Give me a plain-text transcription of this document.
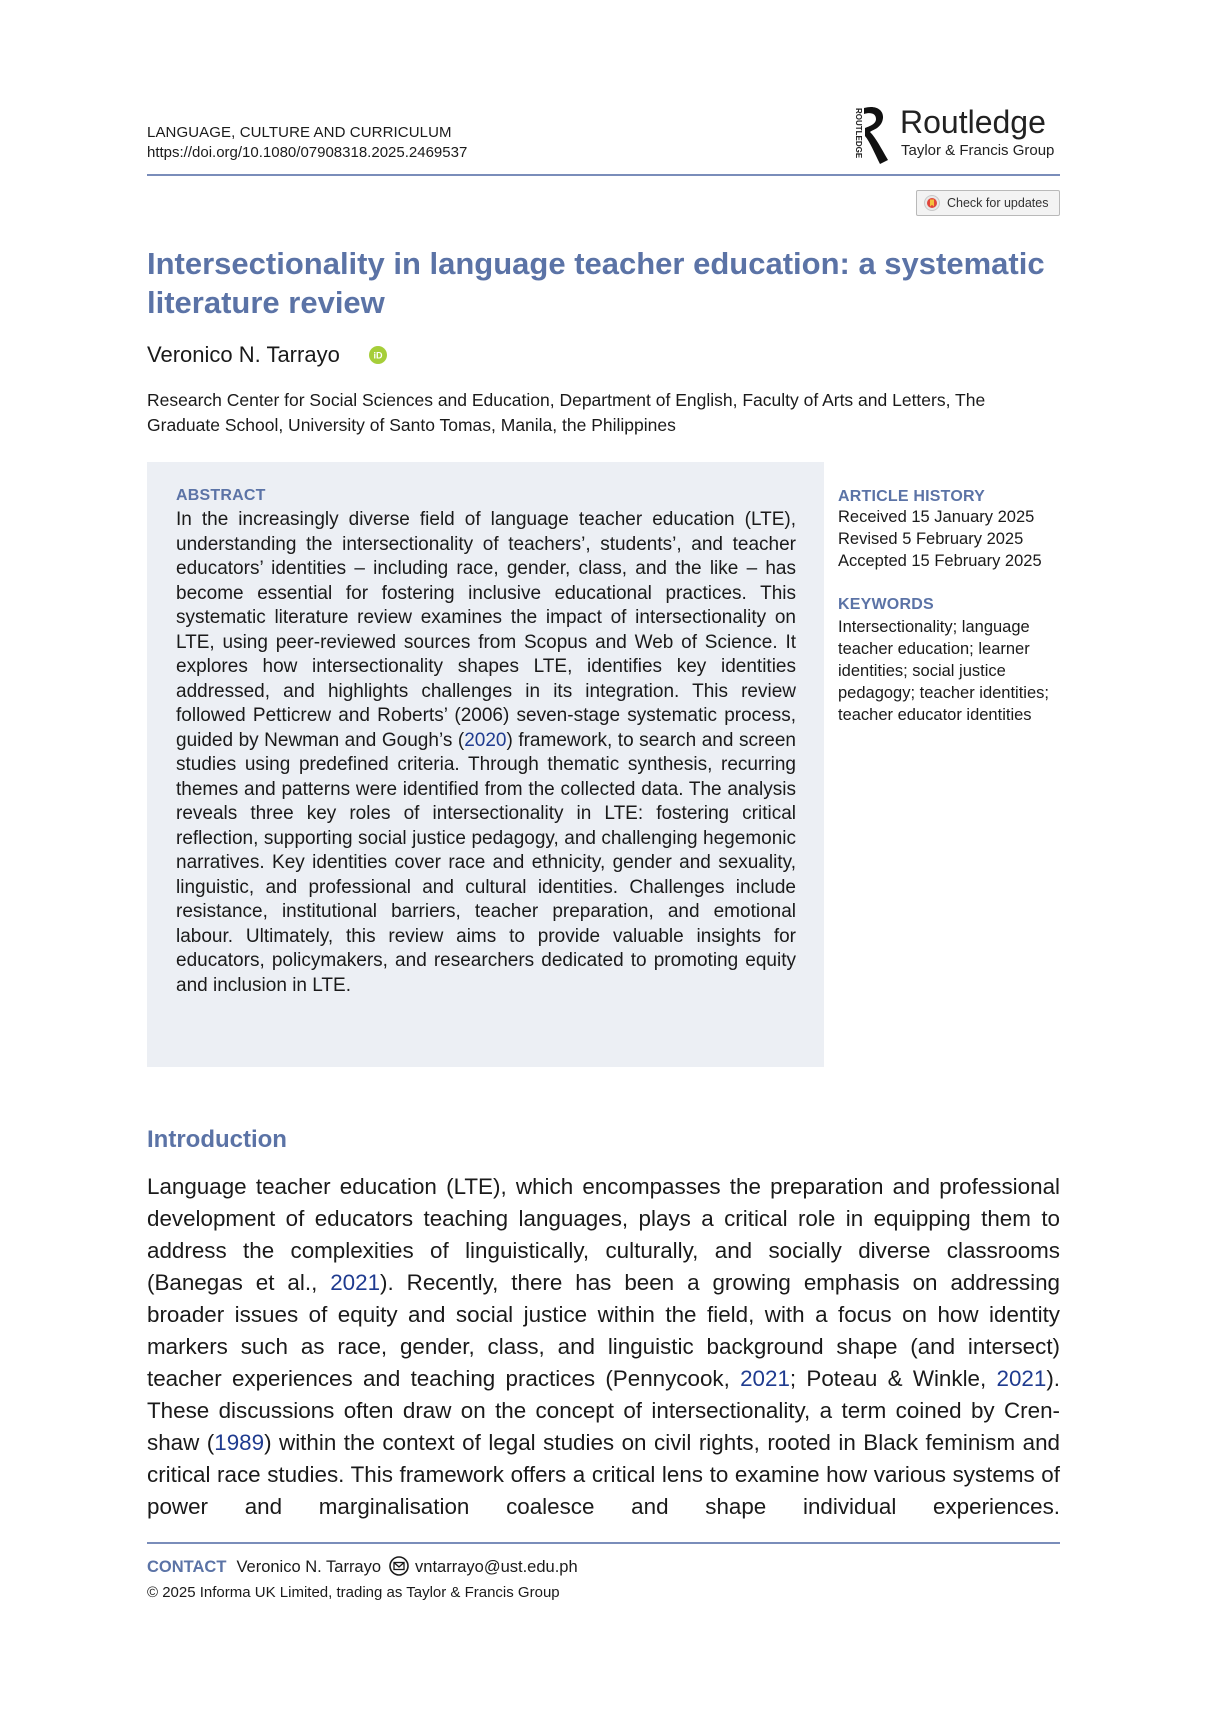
LANGUAGE, CULTURE AND CURRICULUM
https://doi.org/10.1080/07908318.2025.2469537	ROUTLEDGE Routledge
Taylor & Francis Group
Check for updates
Intersectionality in language teacher education: a systematic literature review
Veronico N. Tarrayo	iD
Research Center for Social Sciences and Education, Department of English, Faculty of Arts and Letters, The Graduate School, University of Santo Tomas, Manila, the Philippines
ABSTRACT
In the increasingly diverse field of language teacher education (LTE), understanding the intersectionality of teachers’, students’, and teacher educators’ identities – including race, gender, class, and the like – has become essential for fostering inclusive educational practices. This systematic literature review examines the impact of intersectionality on LTE, using peer-reviewed sources from Scopus and Web of Science. It explores how intersectionality shapes LTE, identifies key identities addressed, and highlights challenges in its integration. This review followed Petticrew and Roberts’ (2006) seven-stage systematic process, guided by Newman and Gough’s (2020) framework, to search and screen studies using predefined criteria. Through thematic synthesis, recurring themes and patterns were identified from the collected data. The analysis reveals three key roles of intersectionality in LTE: fostering critical reflection, supporting social justice pedagogy, and challenging hegemonic narratives. Key identities cover race and ethnicity, gender and sexuality, linguistic, and professional and cultural identities. Challenges include resistance, institutional barriers, teacher preparation, and emotional labour. Ultimately, this review aims to provide valuable insights for educators, policymakers, and researchers dedicated to promoting equity and inclusion in LTE.
ARTICLE HISTORY
Received 15 January 2025
Revised 5 February 2025
Accepted 15 February 2025
KEYWORDS
Intersectionality; language teacher education; learner identities; social justice pedagogy; teacher identities; teacher educator identities
Introduction
Language teacher education (LTE), which encompasses the preparation and professional development of educators teaching languages, plays a critical role in equipping them to address the complexities of linguistically, culturally, and socially diverse classrooms (Banegas et al., 2021). Recently, there has been a growing emphasis on addressing broader issues of equity and social justice within the field, with a focus on how identity markers such as race, gender, class, and linguistic background shape (and intersect) teacher experiences and teaching practices (Pennycook, 2021; Poteau & Winkle, 2021). These discussions often draw on the concept of intersectionality, a term coined by Cren-shaw (1989) within the context of legal studies on civil rights, rooted in Black feminism and critical race studies. This framework offers a critical lens to examine how various systems of power and marginalisation coalesce and shape individual experiences.
CONTACT Veronico N. Tarrayo vntarrayo@ust.edu.ph
© 2025 Informa UK Limited, trading as Taylor & Francis Group
